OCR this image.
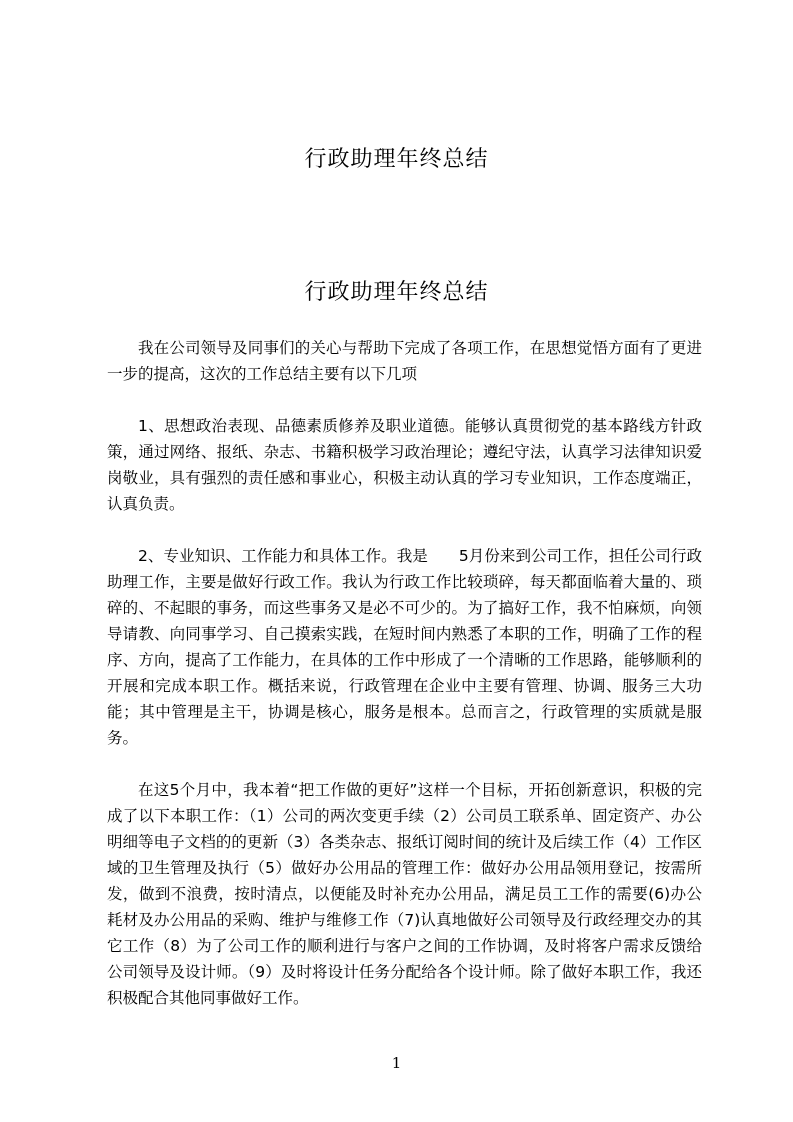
行政助理年终总结
行政助理年终总结

我在公司领导及同事们的关心与帮助下完成了各项工作，在思想觉悟方面有了更进一步的提高，这次的工作总结主要有以下几项

1、思想政治表现、品德素质修养及职业道德。能够认真贯彻党的基本路线方针政策，通过网络、报纸、杂志、书籍积极学习政治理论；遵纪守法，认真学习法律知识爱岗敬业，具有强烈的责任感和事业心，积极主动认真的学习专业知识，工作态度端正，认真负责。

2、专业知识、工作能力和具体工作。我是　　5月份来到公司工作，担任公司行政助理工作，主要是做好行政工作。我认为行政工作比较琐碎，每天都面临着大量的、琐碎的、不起眼的事务，而这些事务又是必不可少的。为了搞好工作，我不怕麻烦，向领导请教、向同事学习、自己摸索实践，在短时间内熟悉了本职的工作，明确了工作的程序、方向，提高了工作能力，在具体的工作中形成了一个清晰的工作思路，能够顺利的开展和完成本职工作。概括来说，行政管理在企业中主要有管理、协调、服务三大功能；其中管理是主干，协调是核心，服务是根本。总而言之，行政管理的实质就是服务。

在这5个月中，我本着“把工作做的更好”这样一个目标，开拓创新意识，积极的完成了以下本职工作：（1）公司的两次变更手续（2）公司员工联系单、固定资产、办公明细等电子文档的的更新（3）各类杂志、报纸订阅时间的统计及后续工作（4）工作区域的卫生管理及执行（5）做好办公用品的管理工作：做好办公用品领用登记，按需所发，做到不浪费，按时清点，以便能及时补充办公用品，满足员工工作的需要(6)办公耗材及办公用品的采购、维护与维修工作（7)认真地做好公司领导及行政经理交办的其它工作（8）为了公司工作的顺利进行与客户之间的工作协调，及时将客户需求反馈给公司领导及设计师。（9）及时将设计任务分配给各个设计师。除了做好本职工作，我还积极配合其他同事做好工作。

1
